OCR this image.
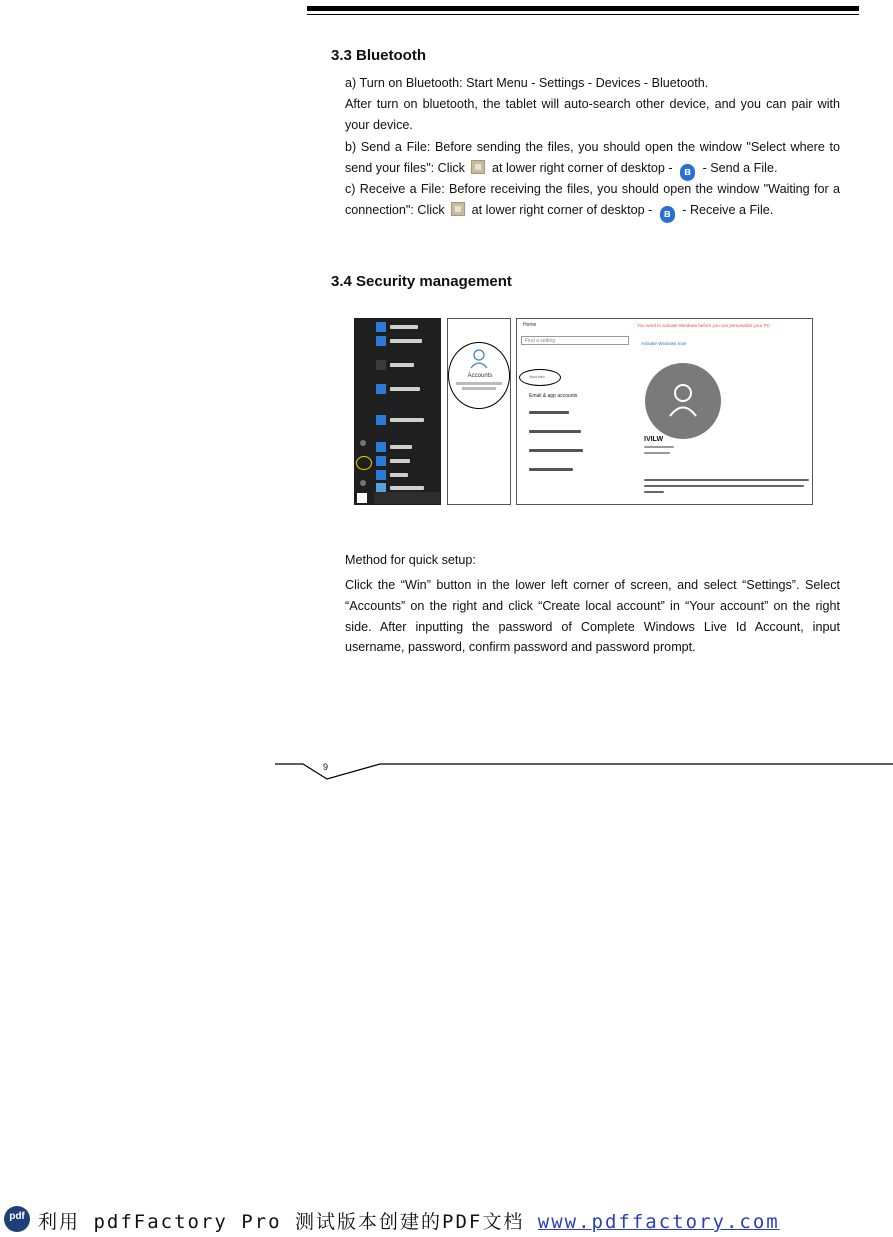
3.3 Bluetooth
a) Turn on Bluetooth: Start Menu - Settings - Devices - Bluetooth.
After turn on bluetooth, the tablet will auto-search other device, and you can pair with your device.
b) Send a File: Before sending the files, you should open the window "Select where to send your files": Click at lower right corner of desktop - ʙ - Send a File.
c) Receive a File: Before receiving the files, you should open the window "Waiting for a connection": Click at lower right corner of desktop - ʙ - Receive a File.
3.4 Security management
Accounts
Home
Find a setting
Your info
Email & app accounts
You need to activate Windows before you can personalize your PC.
Activate Windows now
IVILW
Method for quick setup:
Click the “Win” button in the lower left corner of screen, and select “Settings”. Select “Accounts” on the right and click “Create local account” in “Your account” on the right side. After inputting the password of Complete Windows Live Id Account, input username, password, confirm password and password prompt.
9
pdf 利用 pdfFactory Pro 测试版本创建的PDF文档 www.pdffactory.com
